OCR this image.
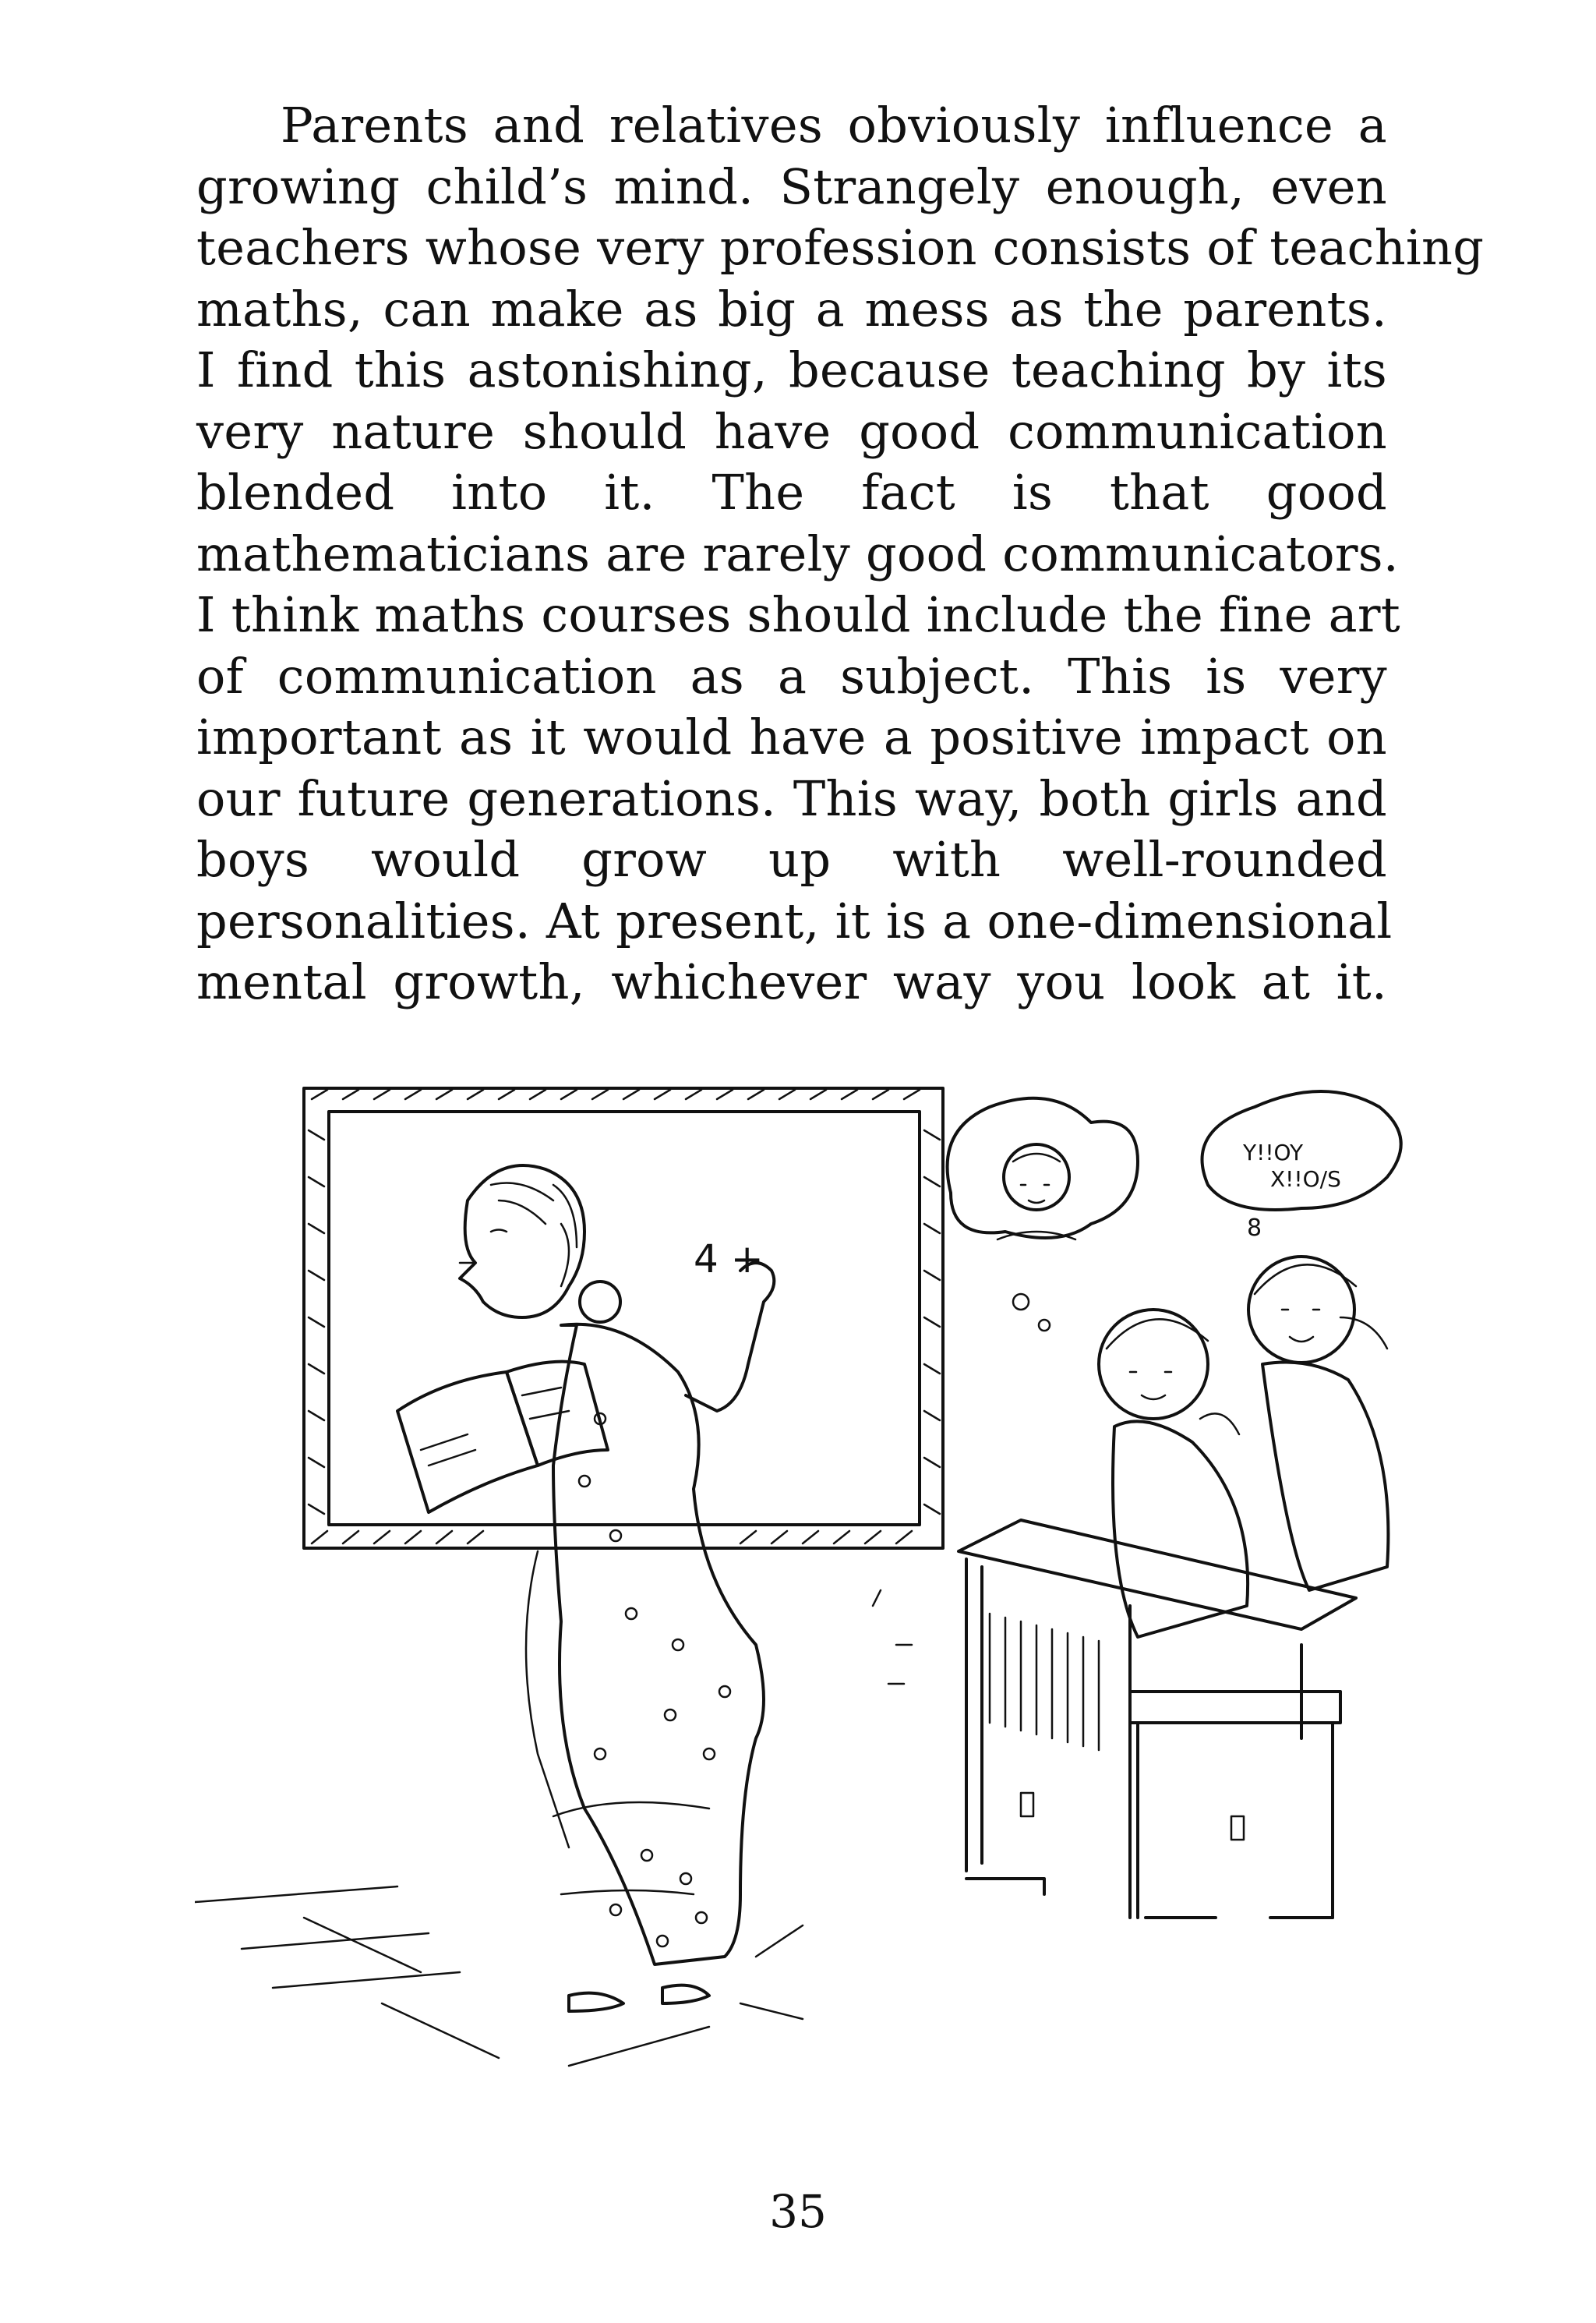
Parents and relatives obviously influence a
growing child’s mind. Strangely enough, even
teachers whose very profession consists of teaching
maths, can make as big a mess as the parents.
I find this astonishing, because teaching by its
very nature should have good communication
blended into it. The fact is that good
mathematicians are rarely good communicators.
I think maths courses should include the fine art
of communication as a subject. This is very
important as it would have a positive impact on
our future generations. This way, both girls and
boys would grow up with well-rounded
personalities. At present, it is a one-dimensional
mental growth, whichever way you look at it.
4 +
Y!!OY
X!!O/S
8
35
